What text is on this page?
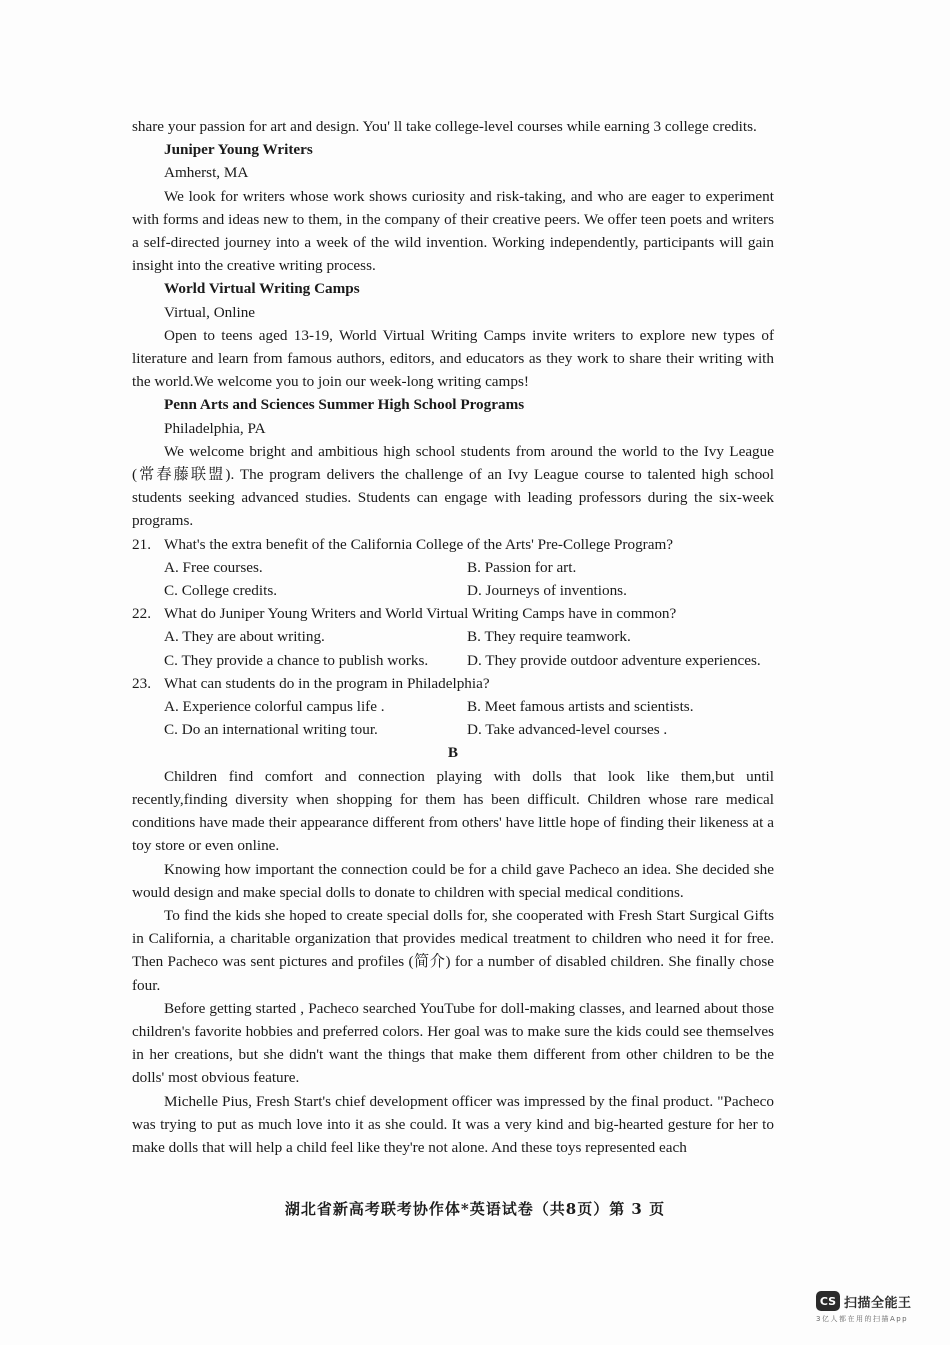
share your passion for art and design. You' ll take college-level courses while earning 3 college credits.

Juniper Young Writers

Amherst, MA

We look for writers whose work shows curiosity and risk-taking, and who are eager to experiment with forms and ideas new to them, in the company of their creative peers. We offer teen poets and writers a self-directed journey into a week of the wild invention. Working independently, participants will gain insight into the creative writing process.

World Virtual Writing Camps

Virtual, Online

Open to teens aged 13-19, World Virtual Writing Camps invite writers to explore new types of literature and learn from famous authors, editors, and educators as they work to share their writing with the world.We welcome you to join our week-long writing camps!

Penn Arts and Sciences Summer High School Programs

Philadelphia, PA

We welcome bright and ambitious high school students from around the world to the Ivy League (常春藤联盟). The program delivers the challenge of an Ivy League course to talented high school students seeking advanced studies. Students can engage with leading professors during the six-week programs.

21. What's the extra benefit of the California College of the Arts' Pre-College Program?

A. Free courses.	B. Passion for art.
C. College credits.	D. Journeys of inventions.

22. What do Juniper Young Writers and World Virtual Writing Camps have in common?

A. They are about writing.	B. They require teamwork.
C. They provide a chance to publish works.	D. They provide outdoor adventure experiences.

23. What can students do in the program in Philadelphia?

A. Experience colorful campus life .	B. Meet famous artists and scientists.
C. Do an international writing tour.	D. Take advanced-level courses .

B

Children find comfort and connection playing with dolls that look like them,but until recently,finding diversity when shopping for them has been difficult. Children whose rare medical conditions have made their appearance different from others' have little hope of finding their likeness at a toy store or even online.

Knowing how important the connection could be for a child gave Pacheco an idea. She decided she would design and make special dolls to donate to children with special medical conditions.

To find the kids she hoped to create special dolls for, she cooperated with Fresh Start Surgical Gifts in California, a charitable organization that provides medical treatment to children who need it for free. Then Pacheco was sent pictures and profiles (简介) for a number of disabled children. She finally chose four.

Before getting started , Pacheco searched YouTube for doll-making classes, and learned about those children's favorite hobbies and preferred colors. Her goal was to make sure the kids could see themselves in her creations, but she didn't want the things that make them different from other children to be the dolls' most obvious feature.

Michelle Pius, Fresh Start's chief development officer was impressed by the final product. "Pacheco was trying to put as much love into it as she could. It was a very kind and big-hearted gesture for her to make dolls that will help a child feel like they're not alone. And these toys represented each

湖北省新高考联考协作体*英语试卷（共8页）第 3 页
CS 扫描全能王
3亿人都在用的扫描App
